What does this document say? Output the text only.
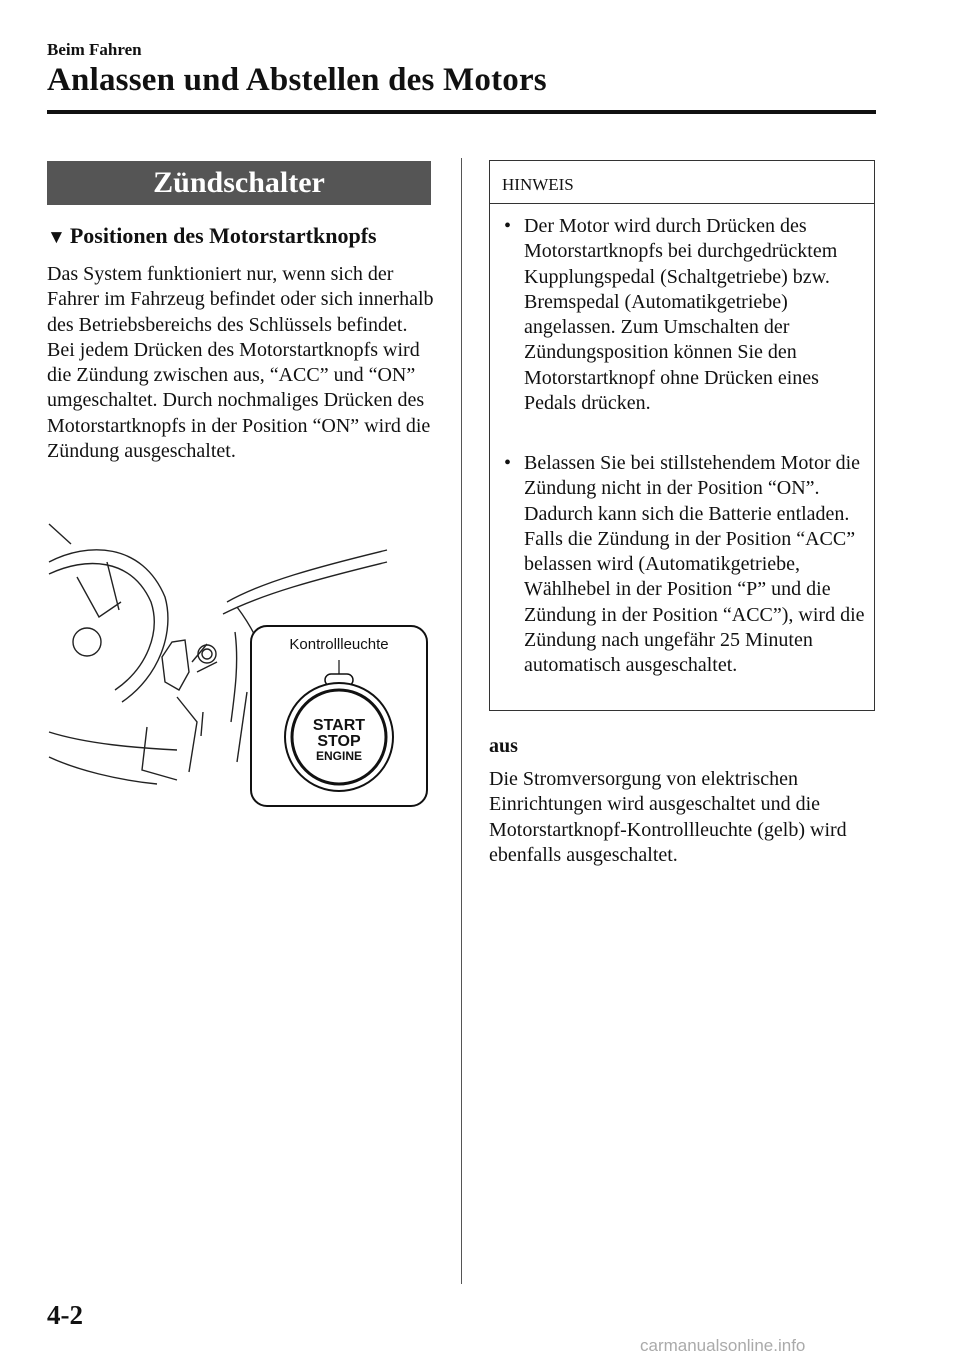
Beim Fahren
Anlassen und Abstellen des Motors
Zündschalter
▼ Positionen des Motorstartknopfs

Das System funktioniert nur, wenn sich der Fahrer im Fahrzeug befindet oder sich innerhalb des Betriebsbereichs des Schlüssels befindet.

Bei jedem Drücken des Motorstartknopfs wird die Zündung zwischen aus, “ACC” und “ON” umgeschaltet. Durch nochmaliges Drücken des Motorstartknopfs in der Position “ON” wird die Zündung ausgeschaltet.

Kontrollleuchte
START
STOP
ENGINE
HINWEIS
• Der Motor wird durch Drücken des Motorstartknopfs bei durchgedrücktem Kupplungspedal (Schaltgetriebe) bzw. Bremspedal (Automatikgetriebe) angelassen. Zum Umschalten der Zündungsposition können Sie den Motorstartknopf ohne Drücken eines Pedals drücken.
• Belassen Sie bei stillstehendem Motor die Zündung nicht in der Position “ON”. Dadurch kann sich die Batterie entladen. Falls die Zündung in der Position “ACC” belassen wird (Automatikgetriebe, Wählhebel in der Position “P” und die Zündung in der Position “ACC”), wird die Zündung nach ungefähr 25 Minuten automatisch ausgeschaltet.
aus
Die Stromversorgung von elektrischen Einrichtungen wird ausgeschaltet und die Motorstartknopf-Kontrollleuchte (gelb) wird ebenfalls ausgeschaltet.
4-2
carmanualsonline.info
